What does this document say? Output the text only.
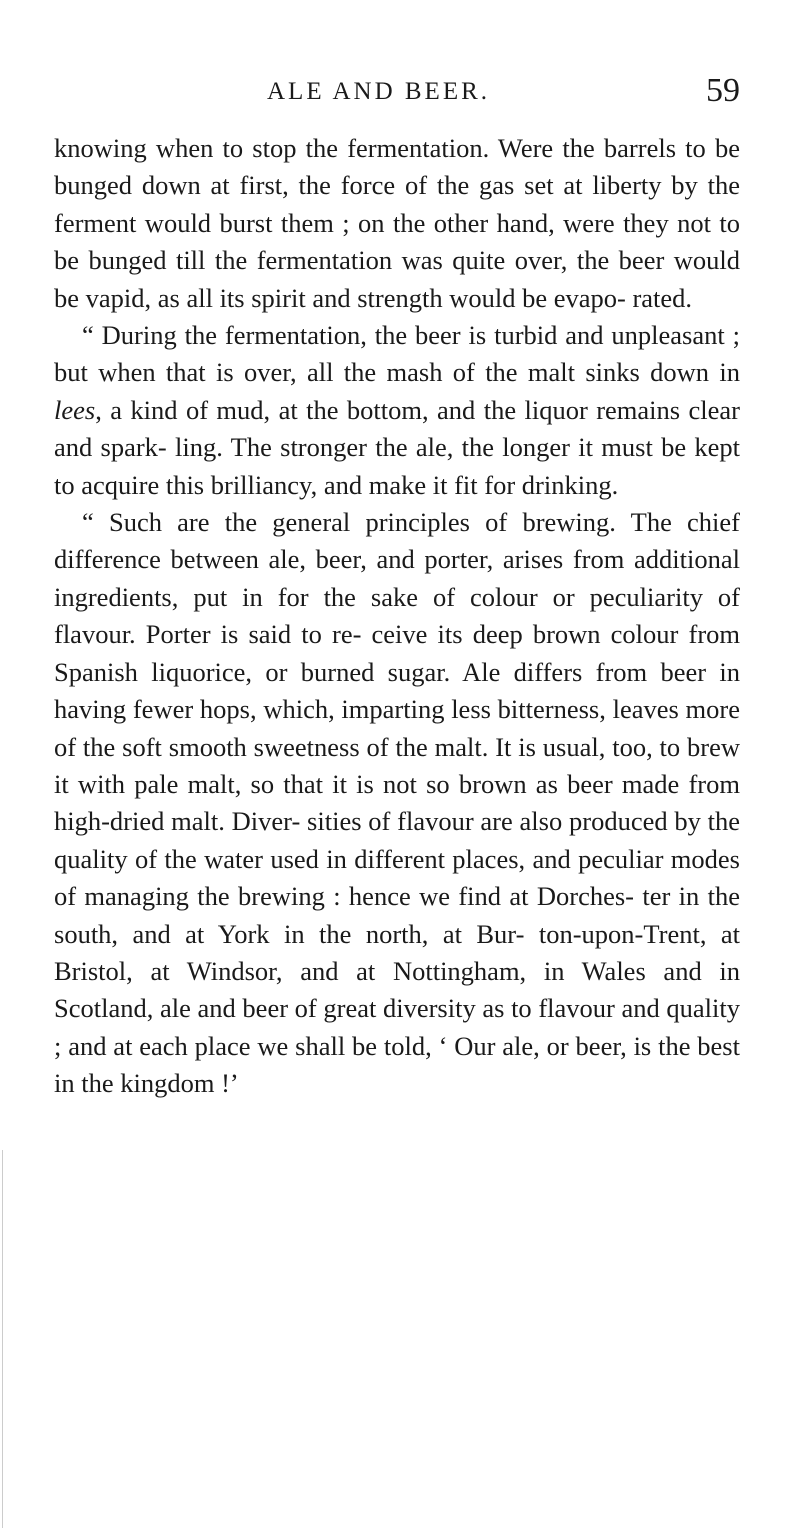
ALE AND BEER.	59

knowing when to stop the fermentation. Were the barrels to be bunged down at first, the force of the gas set at liberty by the ferment would burst them ; on the other hand, were they not to be bunged till the fermentation was quite over, the beer would be vapid, as all its spirit and strength would be evapo- rated.

“ During the fermentation, the beer is turbid and unpleasant ; but when that is over, all the mash of the malt sinks down in lees, a kind of mud, at the bottom, and the liquor remains clear and spark- ling. The stronger the ale, the longer it must be kept to acquire this brilliancy, and make it fit for drinking.

“ Such are the general principles of brewing. The chief difference between ale, beer, and porter, arises from additional ingredients, put in for the sake of colour or peculiarity of flavour. Porter is said to re- ceive its deep brown colour from Spanish liquorice, or burned sugar. Ale differs from beer in having fewer hops, which, imparting less bitterness, leaves more of the soft smooth sweetness of the malt. It is usual, too, to brew it with pale malt, so that it is not so brown as beer made from high-dried malt. Diver- sities of flavour are also produced by the quality of the water used in different places, and peculiar modes of managing the brewing : hence we find at Dorches- ter in the south, and at York in the north, at Bur- ton-upon-Trent, at Bristol, at Windsor, and at Nottingham, in Wales and in Scotland, ale and beer of great diversity as to flavour and quality ; and at each place we shall be told, ‘ Our ale, or beer, is the best in the kingdom !’
